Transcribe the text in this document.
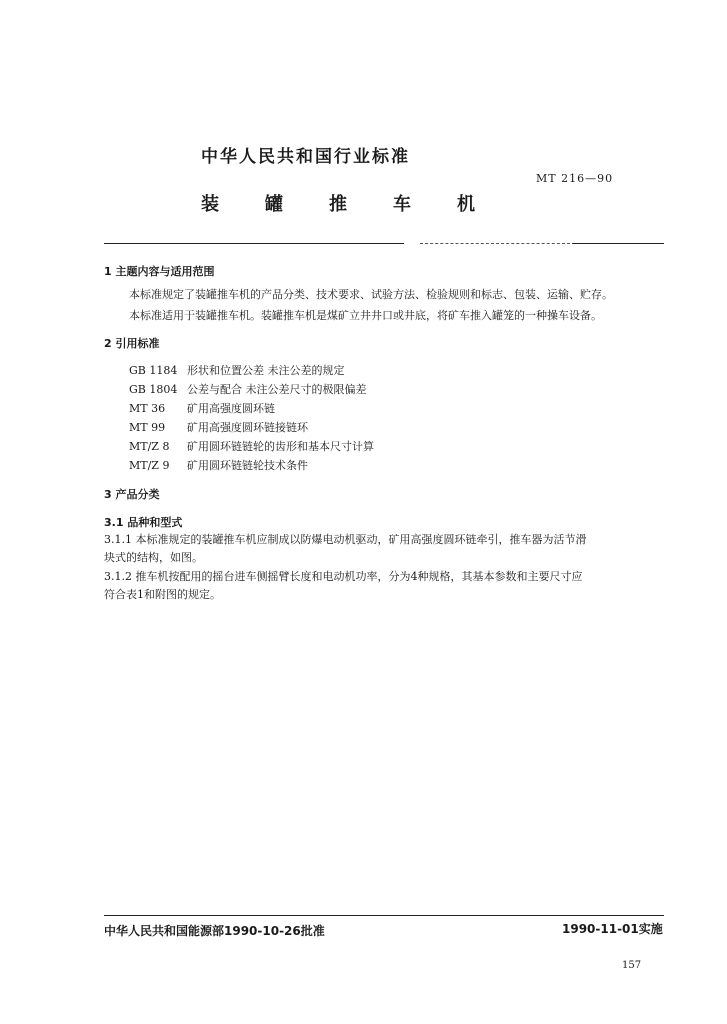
中华人民共和国行业标准
MT 216—90
装	罐	推	车	机
1 主题内容与适用范围
本标准规定了装罐推车机的产品分类、技术要求、试验方法、检验规则和标志、包装、运输、贮存。
本标准适用于装罐推车机。装罐推车机是煤矿立井井口或井底，将矿车推入罐笼的一种操车设备。
2 引用标准
GB 1184 形状和位置公差 未注公差的规定
GB 1804 公差与配合 未注公差尺寸的极限偏差
MT 36 矿用高强度圆环链
MT 99 矿用高强度圆环链接链环
MT/Z 8 矿用圆环链链轮的齿形和基本尺寸计算
MT/Z 9 矿用圆环链链轮技术条件
3 产品分类
3.1 品种和型式
3.1.1 本标准规定的装罐推车机应制成以防爆电动机驱动，矿用高强度圆环链牵引，推车器为活节滑
块式的结构，如图。
3.1.2 推车机按配用的摇台进车侧摇臂长度和电动机功率，分为4种规格，其基本参数和主要尺寸应
符合表1和附图的规定。
中华人民共和国能源部1990-10-26批准	1990-11-01实施
157
